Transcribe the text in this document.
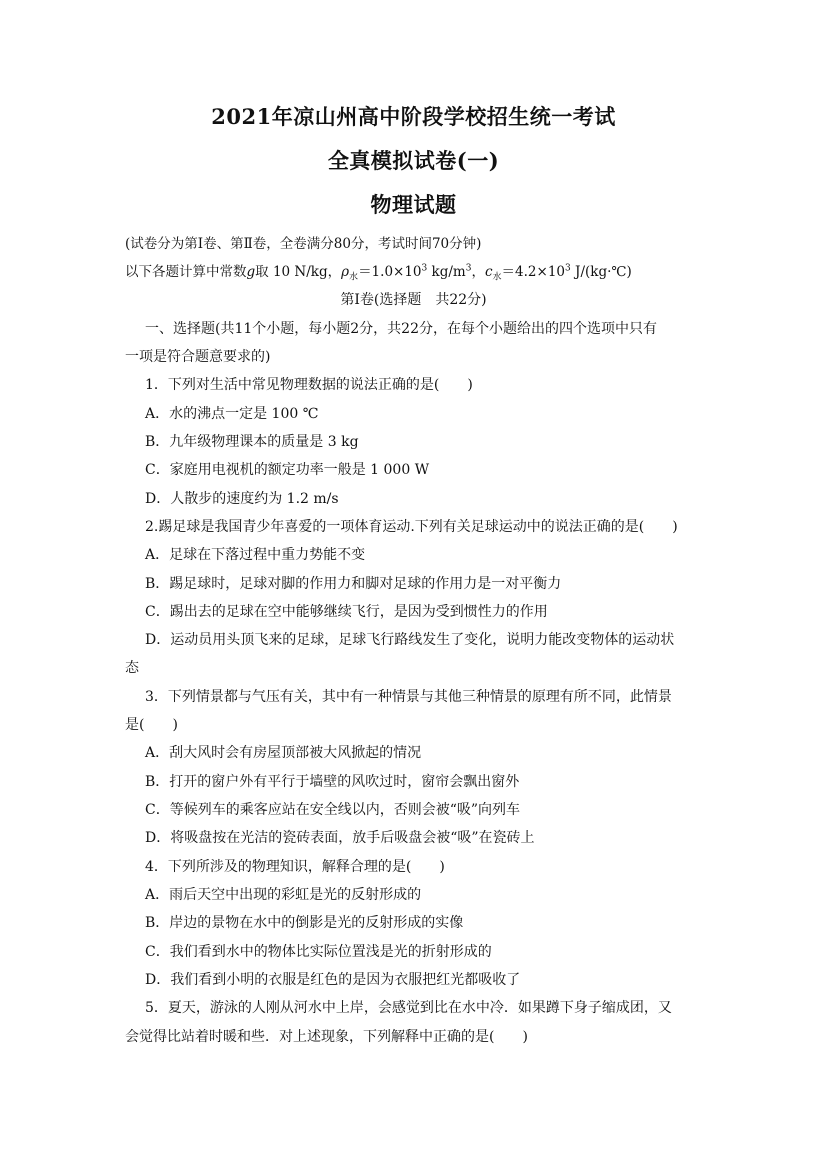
2021年凉山州高中阶段学校招生统一考试
全真模拟试卷(一)
物理试题
(试卷分为第Ⅰ卷、第Ⅱ卷，全卷满分80分，考试时间70分钟)
以下各题计算中常数g取 10 N/kg，$\rho_水=1.0\times 10^3$ $kg/m^3$，$c_水=4.2\times 10^3$ J/(kg·℃)
第Ⅰ卷(选择题　共22分)
一、选择题(共11个小题，每小题2分，共22分，在每个小题给出的四个选项中只有
一项是符合题意要求的)
1．下列对生活中常见物理数据的说法正确的是(　　)
A．水的沸点一定是 100 ℃
B．九年级物理课本的质量是 3 kg
C．家庭用电视机的额定功率一般是 1 000 W
D．人散步的速度约为 1.2 m/s
2.踢足球是我国青少年喜爱的一项体育运动.下列有关足球运动中的说法正确的是(　　)
A．足球在下落过程中重力势能不变
B．踢足球时，足球对脚的作用力和脚对足球的作用力是一对平衡力
C．踢出去的足球在空中能够继续飞行，是因为受到惯性力的作用
D．运动员用头顶飞来的足球，足球飞行路线发生了变化，说明力能改变物体的运动状
态
3．下列情景都与气压有关，其中有一种情景与其他三种情景的原理有所不同，此情景
是(　　)
A．刮大风时会有房屋顶部被大风掀起的情况
B．打开的窗户外有平行于墙壁的风吹过时，窗帘会飘出窗外
C．等候列车的乘客应站在安全线以内，否则会被“吸”向列车
D．将吸盘按在光洁的瓷砖表面，放手后吸盘会被“吸”在瓷砖上
4．下列所涉及的物理知识，解释合理的是(　　)
A．雨后天空中出现的彩虹是光的反射形成的
B．岸边的景物在水中的倒影是光的反射形成的实像
C．我们看到水中的物体比实际位置浅是光的折射形成的
D．我们看到小明的衣服是红色的是因为衣服把红光都吸收了
5．夏天，游泳的人刚从河水中上岸，会感觉到比在水中冷．如果蹲下身子缩成团，又
会觉得比站着时暖和些．对上述现象，下列解释中正确的是(　　)
